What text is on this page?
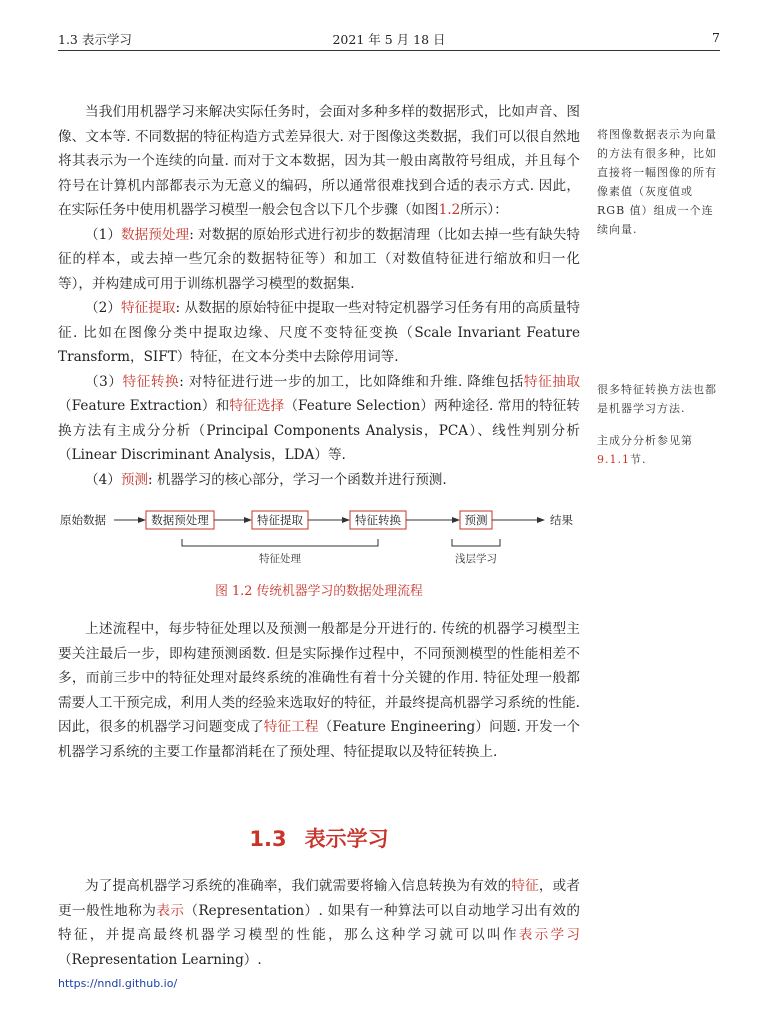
1.3 表示学习	2021 年 5 月 18 日	7

当我们用机器学习来解决实际任务时，会面对多种多样的数据形式，比如声音、图像、文本等. 不同数据的特征构造方式差异很大. 对于图像这类数据，我们可以很自然地将其表示为一个连续的向量. 而对于文本数据，因为其一般由离散符号组成，并且每个符号在计算机内部都表示为无意义的编码，所以通常很难找到合适的表示方式. 因此，在实际任务中使用机器学习模型一般会包含以下几个步骤（如图1.2所示）：

（1）数据预处理: 对数据的原始形式进行初步的数据清理（比如去掉一些有缺失特征的样本，或去掉一些冗余的数据特征等）和加工（对数值特征进行缩放和归一化等），并构建成可用于训练机器学习模型的数据集.

（2）特征提取: 从数据的原始特征中提取一些对特定机器学习任务有用的高质量特征. 比如在图像分类中提取边缘、尺度不变特征变换（Scale Invariant Feature Transform，SIFT）特征，在文本分类中去除停用词等.

（3）特征转换: 对特征进行进一步的加工，比如降维和升维. 降维包括特征抽取（Feature Extraction）和特征选择（Feature Selection）两种途径. 常用的特征转换方法有主成分分析（Principal Components Analysis，PCA）、线性判别分析（Linear Discriminant Analysis，LDA）等.

（4）预测: 机器学习的核心部分，学习一个函数并进行预测.

原始数据	数据预处理	特征提取	特征转换	预测	结果
特征处理	浅层学习
图 1.2 传统机器学习的数据处理流程

上述流程中，每步特征处理以及预测一般都是分开进行的. 传统的机器学习模型主要关注最后一步，即构建预测函数. 但是实际操作过程中，不同预测模型的性能相差不多，而前三步中的特征处理对最终系统的准确性有着十分关键的作用. 特征处理一般都需要人工干预完成，利用人类的经验来选取好的特征，并最终提高机器学习系统的性能. 因此，很多的机器学习问题变成了特征工程（Feature Engineering）问题. 开发一个机器学习系统的主要工作量都消耗在了预处理、特征提取以及特征转换上.

1.3 表示学习

为了提高机器学习系统的准确率，我们就需要将输入信息转换为有效的特征，或者更一般性地称为表示（Representation）. 如果有一种算法可以自动地学习出有效的特征，并提高最终机器学习模型的性能，那么这种学习就可以叫作表示学习（Representation Learning）.

将图像数据表示为向量的方法有很多种，比如直接将一幅图像的所有像素值（灰度值或 RGB 值）组成一个连续向量.
很多特征转换方法也都是机器学习方法.
主成分分析参见第9.1.1节.
https://nndl.github.io/
